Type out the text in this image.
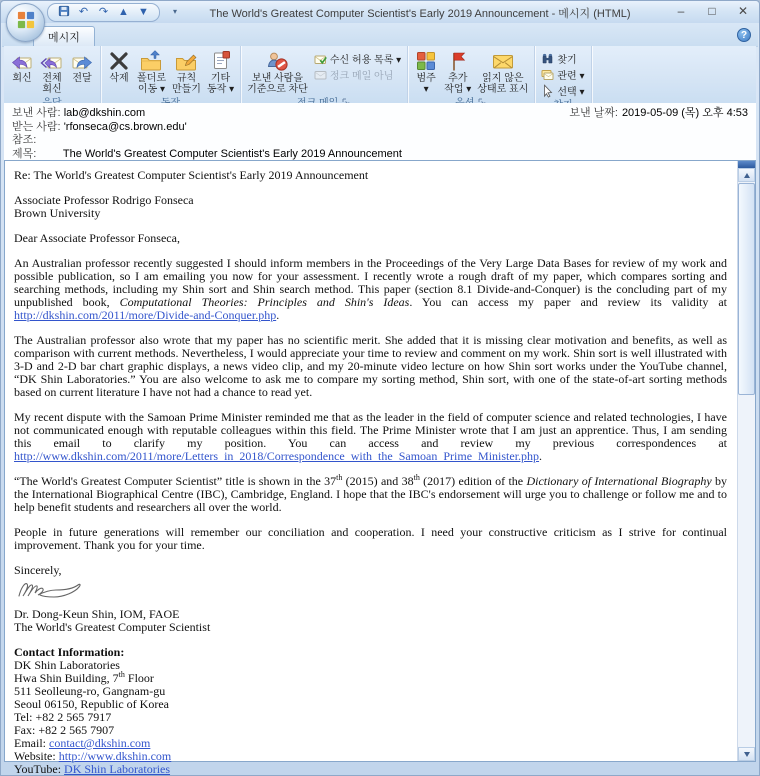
↶ ↷ ▲ ▼	▾	The World's Greatest Computer Scientist's Early 2019 Announcement - 메시지 (HTML)	–	□	✕
메시지	?
회신 전체
회신
전달 삭제 폴더로
이동 ▾
규칙
만들기
기타
동작 ▾
보낸 사람을
기준으로 차단
수신 허용 목록 ▾
정크 메일 아님 범주
▾
추가
작업 ▾
읽지 않은
상태로 표시
찾기
관련 ▾
선택 ▾
보낸 사람: lab@dkshin.com	보낸 날짜: 2019-05-09 (목) 오후 4:53
받는 사람: 'rfonseca@cs.brown.edu'
참조:
제목: The World's Greatest Computer Scientist's Early 2019 Announcement
Re: The World's Greatest Computer Scientist's Early 2019 Announcement
Associate Professor Rodrigo Fonseca
Brown University
Dear Associate Professor Fonseca,
An Australian professor recently suggested I should inform members in the Proceedings of the Very Large Data Bases for review of my work and possible publication, so I am emailing you now for your assessment. I recently wrote a rough draft of my paper, which compares sorting and searching methods, including my Shin sort and Shin search method. This paper (section 8.1 Divide-and-Conquer) is the concluding part of my unpublished book, Computational Theories: Principles and Shin's Ideas. You can access my paper and review its validity at http://dkshin.com/2011/more/Divide-and-Conquer.php.
The Australian professor also wrote that my paper has no scientific merit. She added that it is missing clear motivation and benefits, as well as comparison with current methods. Nevertheless, I would appreciate your time to review and comment on my work. Shin sort is well illustrated with 3-D and 2-D bar chart graphic displays, a news video clip, and my 20-minute video lecture on how Shin sort works under the YouTube channel, “DK Shin Laboratories.” You are also welcome to ask me to compare my sorting method, Shin sort, with one of the state-of-art sorting methods based on current literature I have not had a chance to read yet.
My recent dispute with the Samoan Prime Minister reminded me that as the leader in the field of computer science and related technologies, I have not communicated enough with reputable colleagues within this field. The Prime Minister wrote that I am just an apprentice. Thus, I am sending this email to clarify my position. You can access and review my previous correspondences at http://www.dkshin.com/2011/more/Letters_in_2018/Correspondence_with_the_Samoan_Prime_Minister.php.
“The World's Greatest Computer Scientist” title is shown in the 37th (2015) and 38th (2017) edition of the Dictionary of International Biography by the International Biographical Centre (IBC), Cambridge, England. I hope that the IBC's endorsement will urge you to challenge or follow me and to help benefit students and researchers all over the world.
People in future generations will remember our conciliation and cooperation. I need your constructive criticism as I strive for continual improvement. Thank you for your time.
Sincerely,
Dr. Dong-Keun Shin, IOM, FAOE
The World's Greatest Computer Scientist
Contact Information:
DK Shin Laboratories
Hwa Shin Building, 7th Floor
511 Seolleung-ro, Gangnam-gu
Seoul 06150, Republic of Korea
Tel: +82 2 565 7917
Fax: +82 2 565 7907
Email: contact@dkshin.com
Website: http://www.dkshin.com
YouTube: DK Shin Laboratories
